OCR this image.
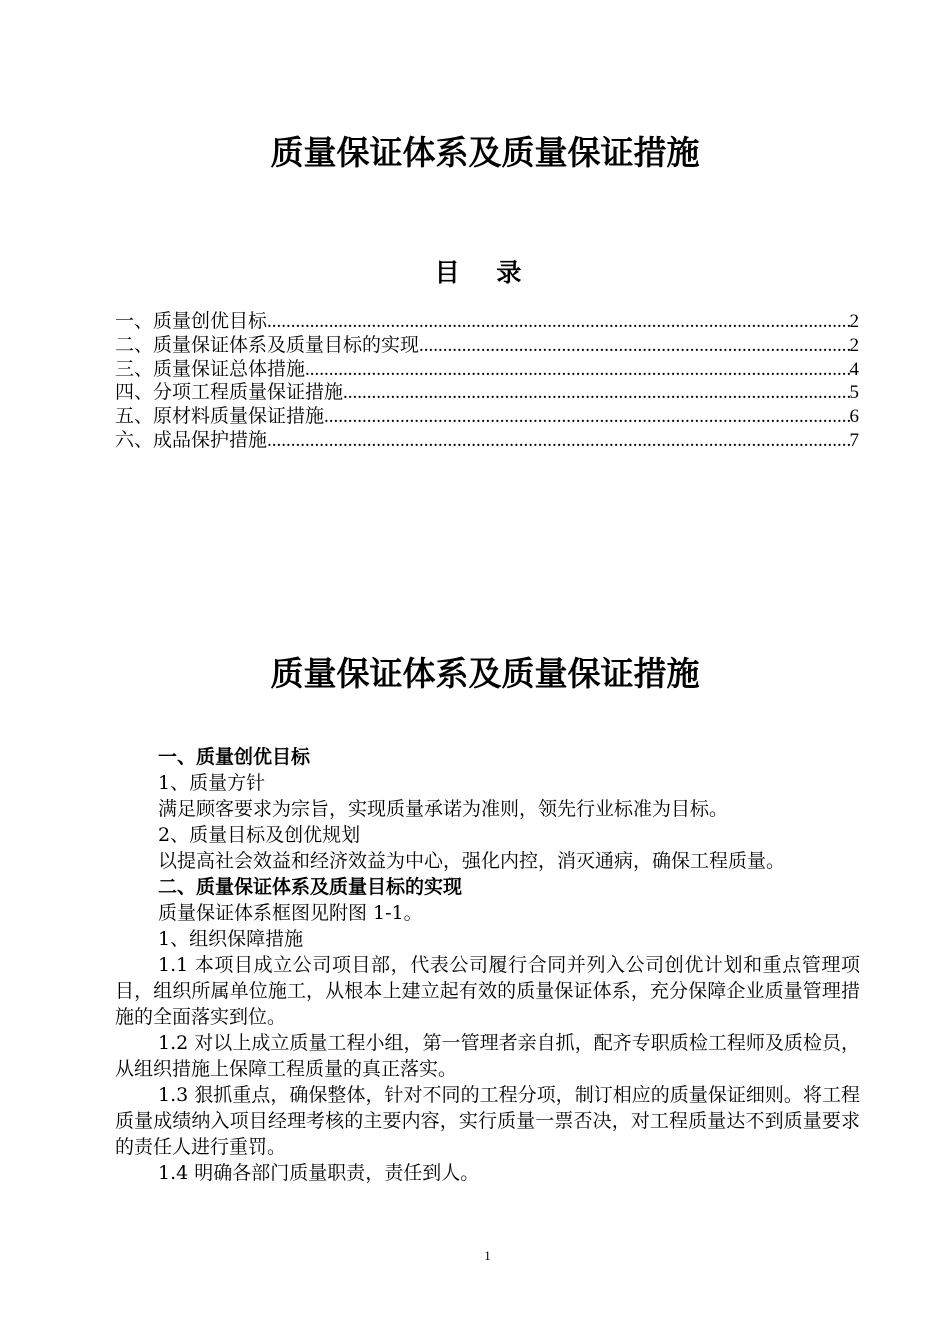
质量保证体系及质量保证措施
目 录
一、质量创优目标 .....	2
二、质量保证体系及质量目标的实现 .....	2
三、质量保证总体措施 .....	4
四、分项工程质量保证措施 .....	5
五、原材料质量保证措施 .....	6
六、成品保护措施 .....	7
质量保证体系及质量保证措施

一、质量创优目标

1、质量方针

满足顾客要求为宗旨，实现质量承诺为准则，领先行业标准为目标。

2、质量目标及创优规划

以提高社会效益和经济效益为中心，强化内控，消灭通病，确保工程质量。

二、质量保证体系及质量目标的实现

质量保证体系框图见附图 1-1。

1、组织保障措施

1.1 本项目成立公司项目部，代表公司履行合同并列入公司创优计划和重点管理项目，组织所属单位施工，从根本上建立起有效的质量保证体系，充分保障企业质量管理措施的全面落实到位。

1.2 对以上成立质量工程小组，第一管理者亲自抓，配齐专职质检工程师及质检员，从组织措施上保障工程质量的真正落实。

1.3 狠抓重点，确保整体，针对不同的工程分项，制订相应的质量保证细则。将工程质量成绩纳入项目经理考核的主要内容，实行质量一票否决，对工程质量达不到质量要求的责任人进行重罚。

1.4 明确各部门质量职责，责任到人。

1
